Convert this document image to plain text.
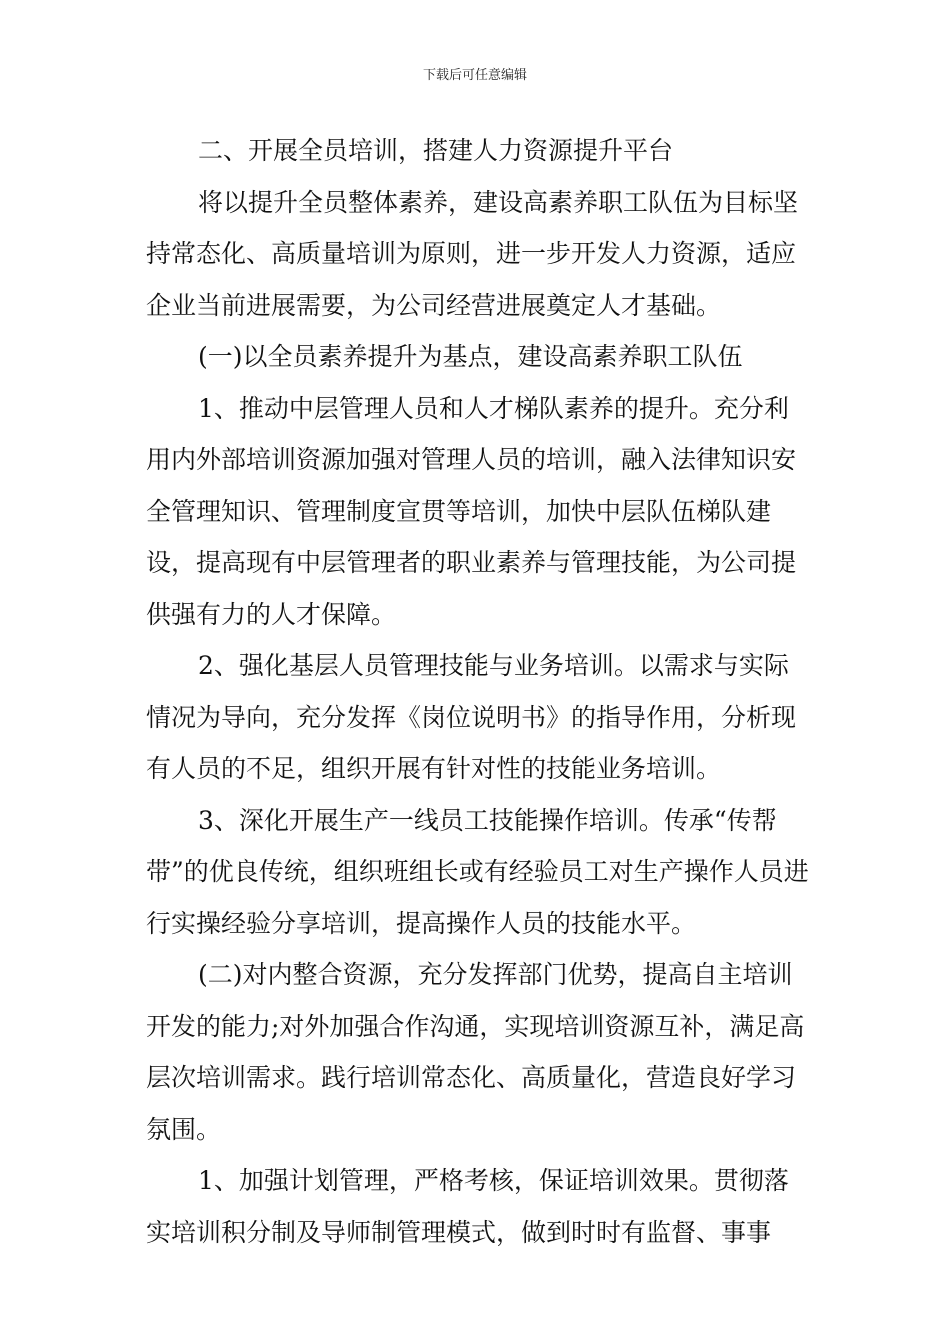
下载后可任意编辑

二、开展全员培训，搭建人力资源提升平台

将以提升全员整体素养，建设高素养职工队伍为目标坚持常态化、高质量培训为原则，进一步开发人力资源，适应企业当前进展需要，为公司经营进展奠定人才基础。

(一)以全员素养提升为基点，建设高素养职工队伍

1、推动中层管理人员和人才梯队素养的提升。充分利用内外部培训资源加强对管理人员的培训，融入法律知识安全管理知识、管理制度宣贯等培训，加快中层队伍梯队建设，提高现有中层管理者的职业素养与管理技能，为公司提供强有力的人才保障。

2、强化基层人员管理技能与业务培训。以需求与实际情况为导向，充分发挥《岗位说明书》的指导作用，分析现有人员的不足，组织开展有针对性的技能业务培训。

3、深化开展生产一线员工技能操作培训。传承“传帮带”的优良传统，组织班组长或有经验员工对生产操作人员进行实操经验分享培训，提高操作人员的技能水平。

(二)对内整合资源，充分发挥部门优势，提高自主培训开发的能力;对外加强合作沟通，实现培训资源互补，满足高层次培训需求。践行培训常态化、高质量化，营造良好学习氛围。

1、加强计划管理，严格考核，保证培训效果。贯彻落实培训积分制及导师制管理模式，做到时时有监督、事事
